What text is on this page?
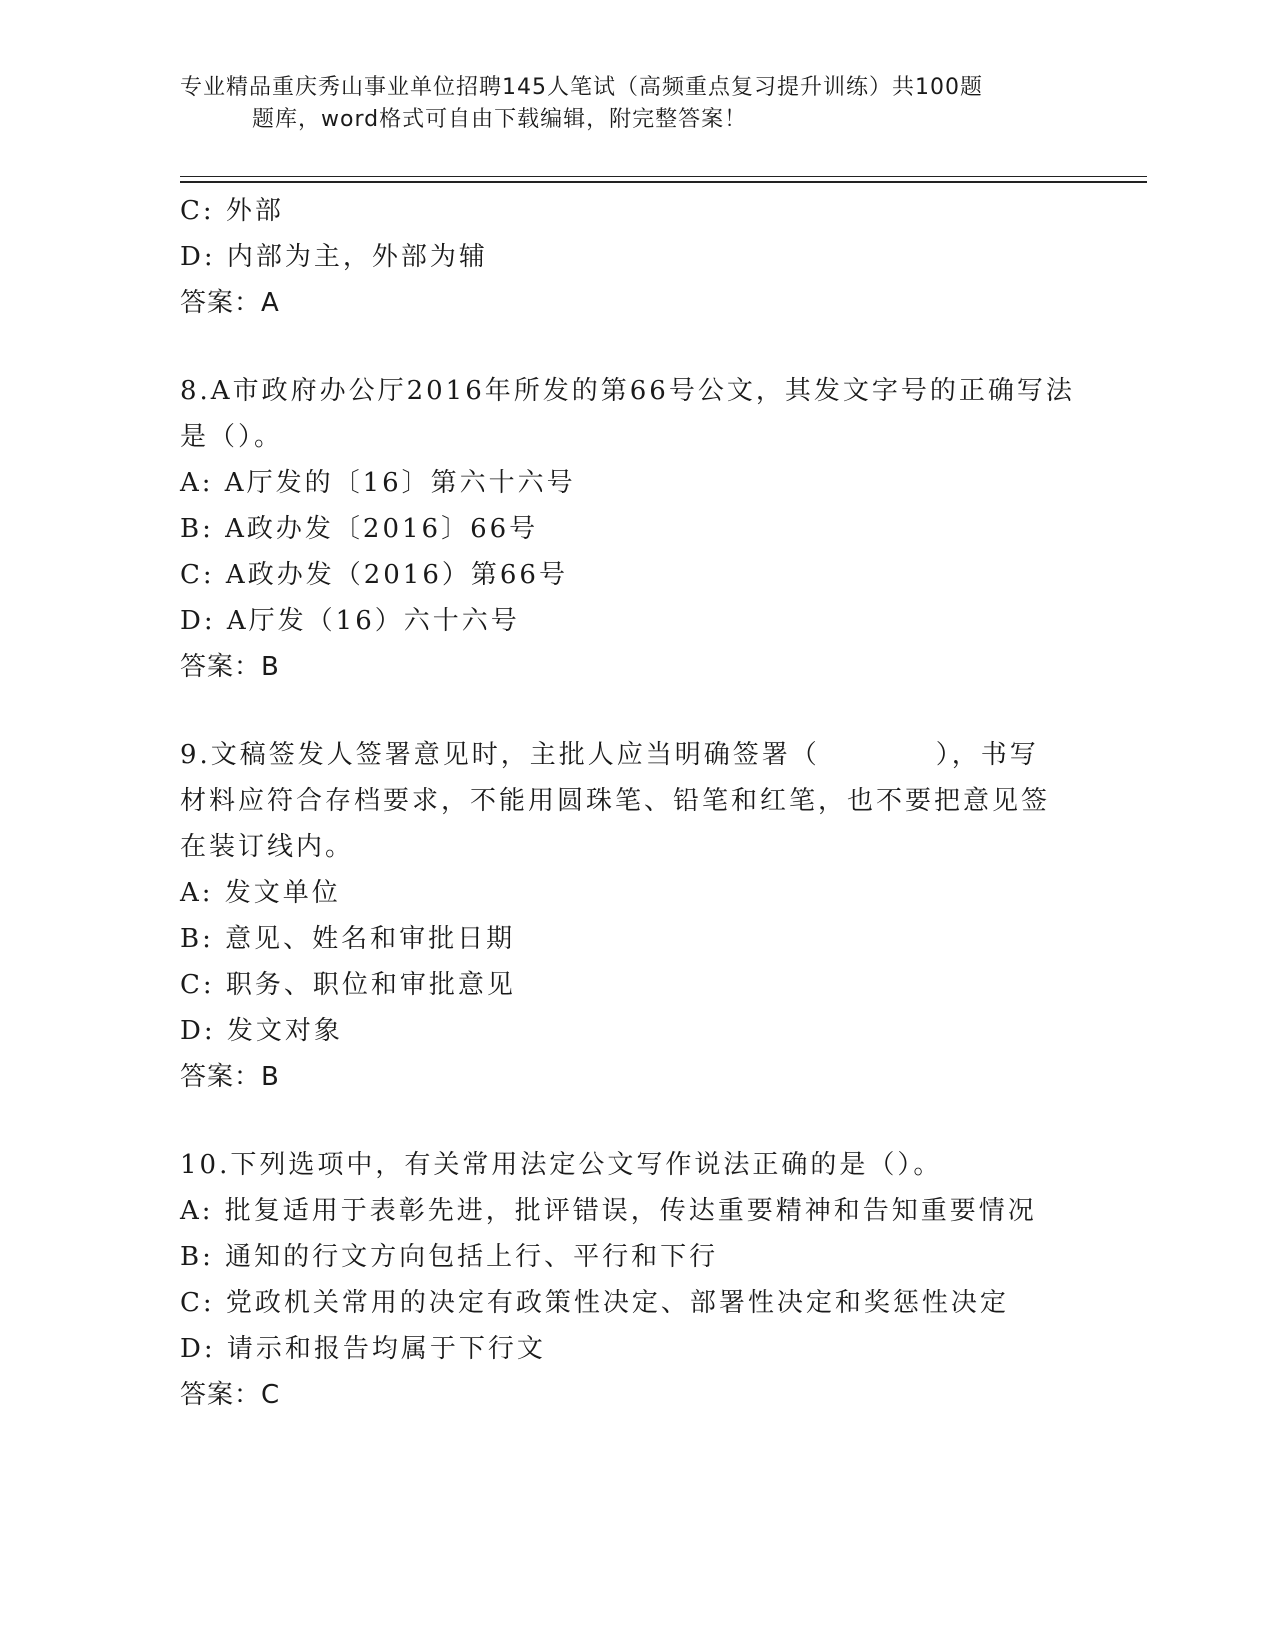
专业精品重庆秀山事业单位招聘145人笔试（高频重点复习提升训练）共100题
题库，word格式可自由下载编辑，附完整答案！
C: 外部
D: 内部为主，外部为辅
答案：A
8.A市政府办公厅2016年所发的第66号公文，其发文字号的正确写法
是（）。
A: A厅发的〔16〕第六十六号
B: A政办发〔2016〕66号
C: A政办发（2016）第66号
D: A厅发（16）六十六号
答案：B
9.文稿签发人签署意见时，主批人应当明确签署（　　　　），书写
材料应符合存档要求，不能用圆珠笔、铅笔和红笔，也不要把意见签
在装订线内。
A: 发文单位
B: 意见、姓名和审批日期
C: 职务、职位和审批意见
D: 发文对象
答案：B
10.下列选项中，有关常用法定公文写作说法正确的是（）。
A: 批复适用于表彰先进，批评错误，传达重要精神和告知重要情况
B: 通知的行文方向包括上行、平行和下行
C: 党政机关常用的决定有政策性决定、部署性决定和奖惩性决定
D: 请示和报告均属于下行文
答案：C
